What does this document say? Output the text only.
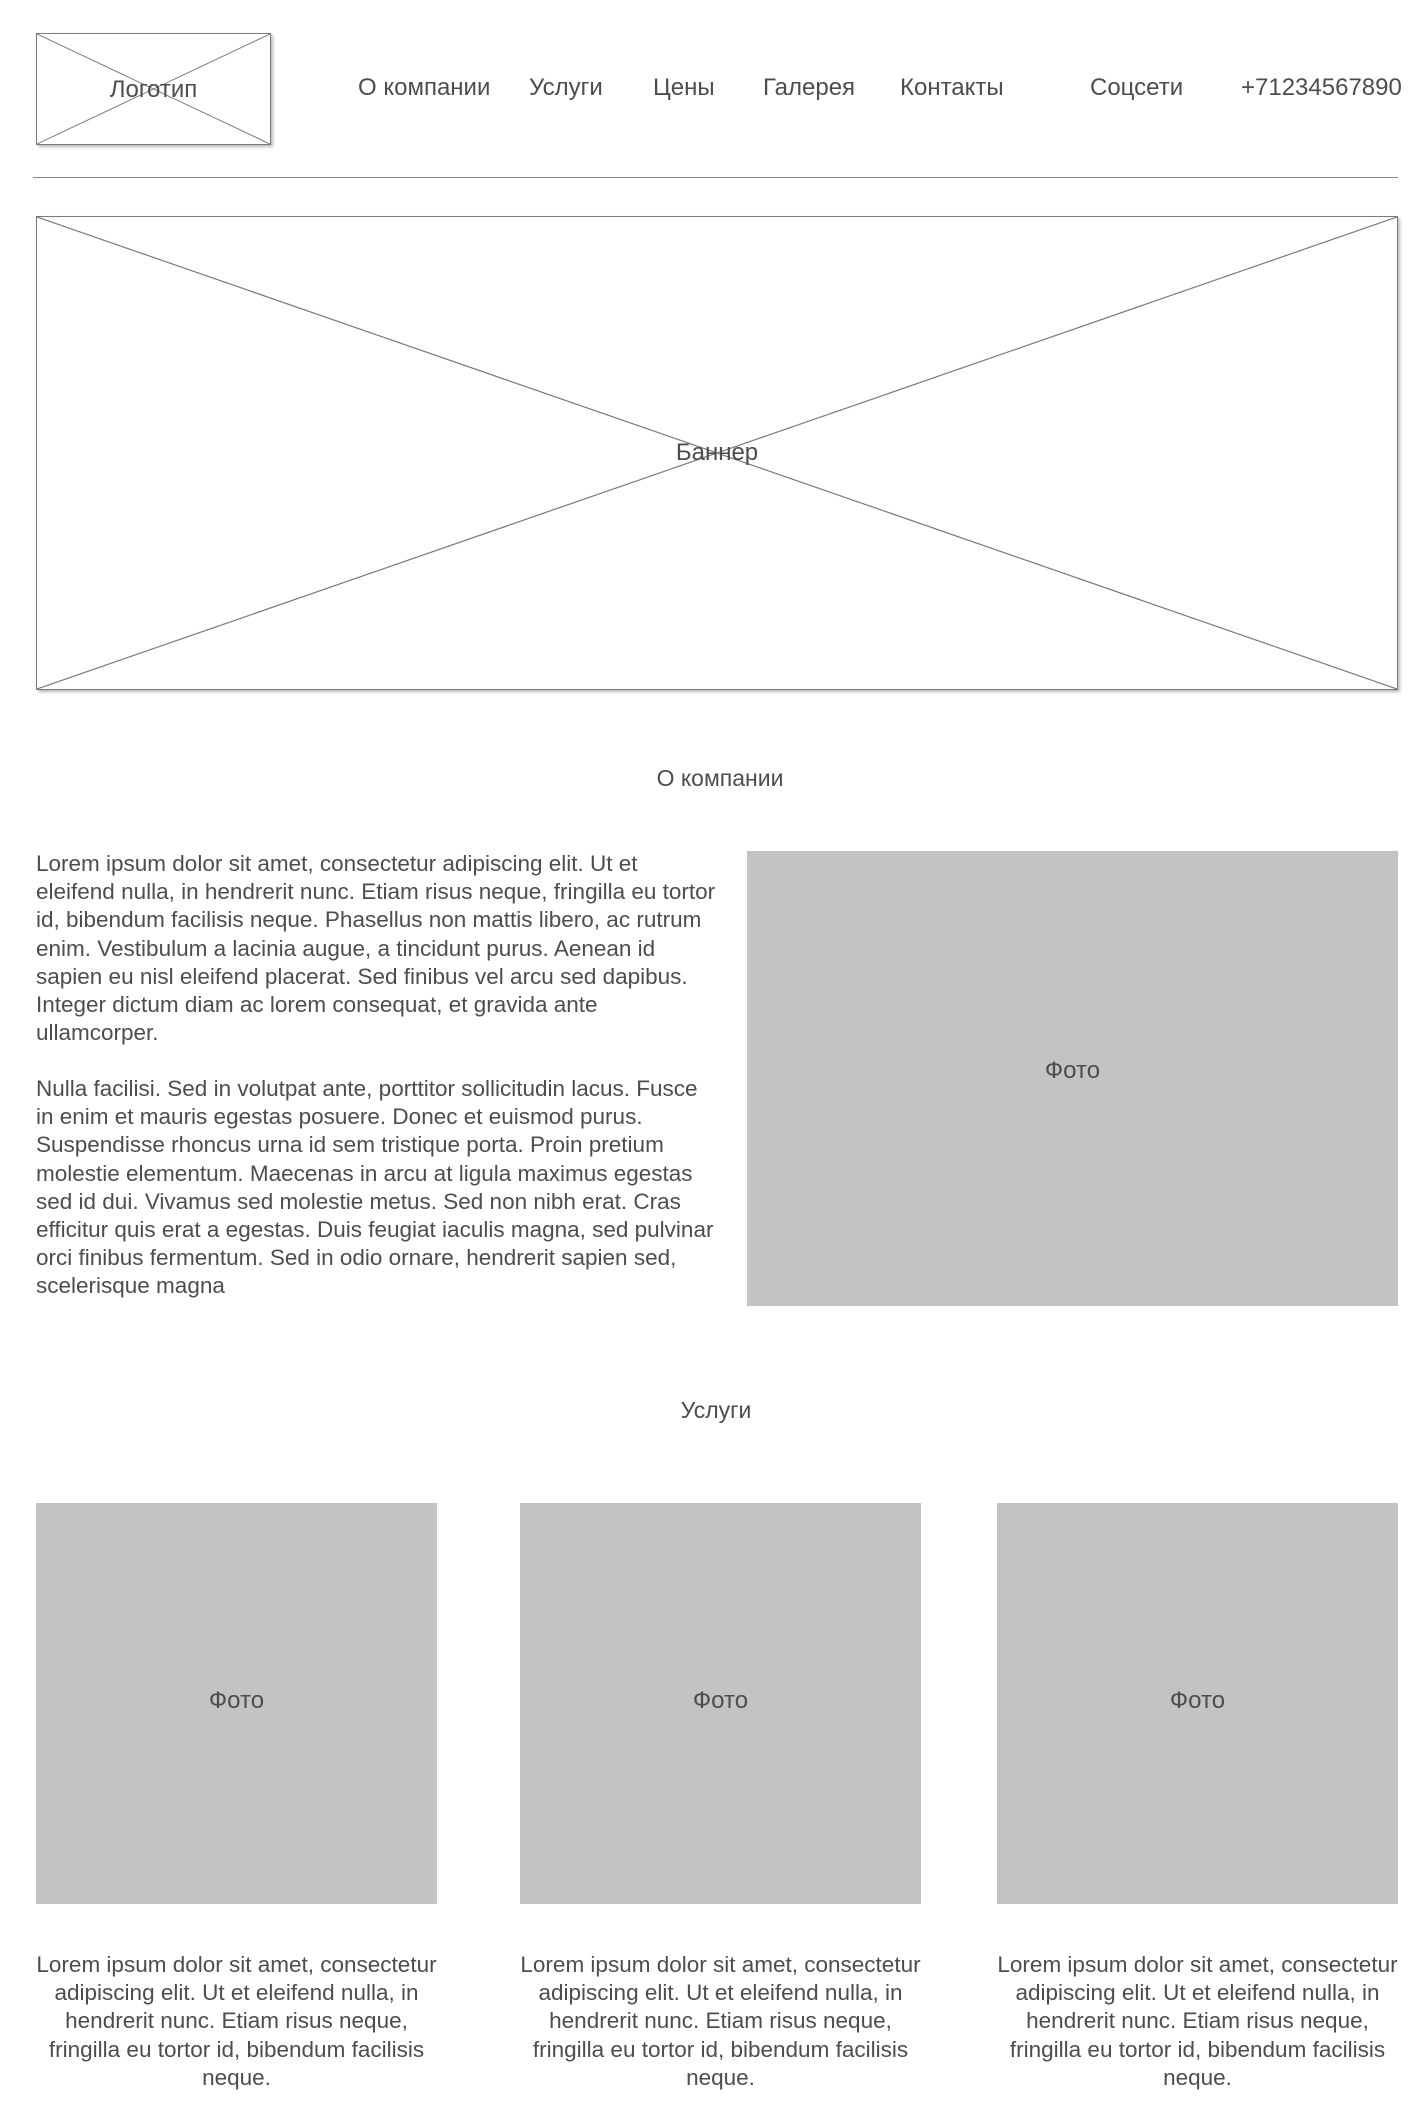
Логотип	О компании Услуги Цены Галерея Контакты	Соцсети +71234567890
Баннер
О компании

Lorem ipsum dolor sit amet, consectetur adipiscing elit. Ut et eleifend nulla, in hendrerit nunc. Etiam risus neque, fringilla eu tortor id, bibendum facilisis neque. Phasellus non mattis libero, ac rutrum enim. Vestibulum a lacinia augue, a tincidunt purus. Aenean id sapien eu nisl eleifend placerat. Sed finibus vel arcu sed dapibus. Integer dictum diam ac lorem consequat, et gravida ante ullamcorper.

Nulla facilisi. Sed in volutpat ante, porttitor sollicitudin lacus. Fusce in enim et mauris egestas posuere. Donec et euismod purus. Suspendisse rhoncus urna id sem tristique porta. Proin pretium molestie elementum. Maecenas in arcu at ligula maximus egestas sed id dui. Vivamus sed molestie metus. Sed non nibh erat. Cras efficitur quis erat a egestas. Duis feugiat iaculis magna, sed pulvinar orci finibus fermentum. Sed in odio ornare, hendrerit sapien sed, scelerisque magna

Фото
Услуги
Фото	Фото	Фото

Lorem ipsum dolor sit amet, consectetur adipiscing elit. Ut et eleifend nulla, in hendrerit nunc. Etiam risus neque, fringilla eu tortor id, bibendum facilisis neque.

Lorem ipsum dolor sit amet, consectetur adipiscing elit. Ut et eleifend nulla, in hendrerit nunc. Etiam risus neque, fringilla eu tortor id, bibendum facilisis neque.

Lorem ipsum dolor sit amet, consectetur adipiscing elit. Ut et eleifend nulla, in hendrerit nunc. Etiam risus neque, fringilla eu tortor id, bibendum facilisis neque.
